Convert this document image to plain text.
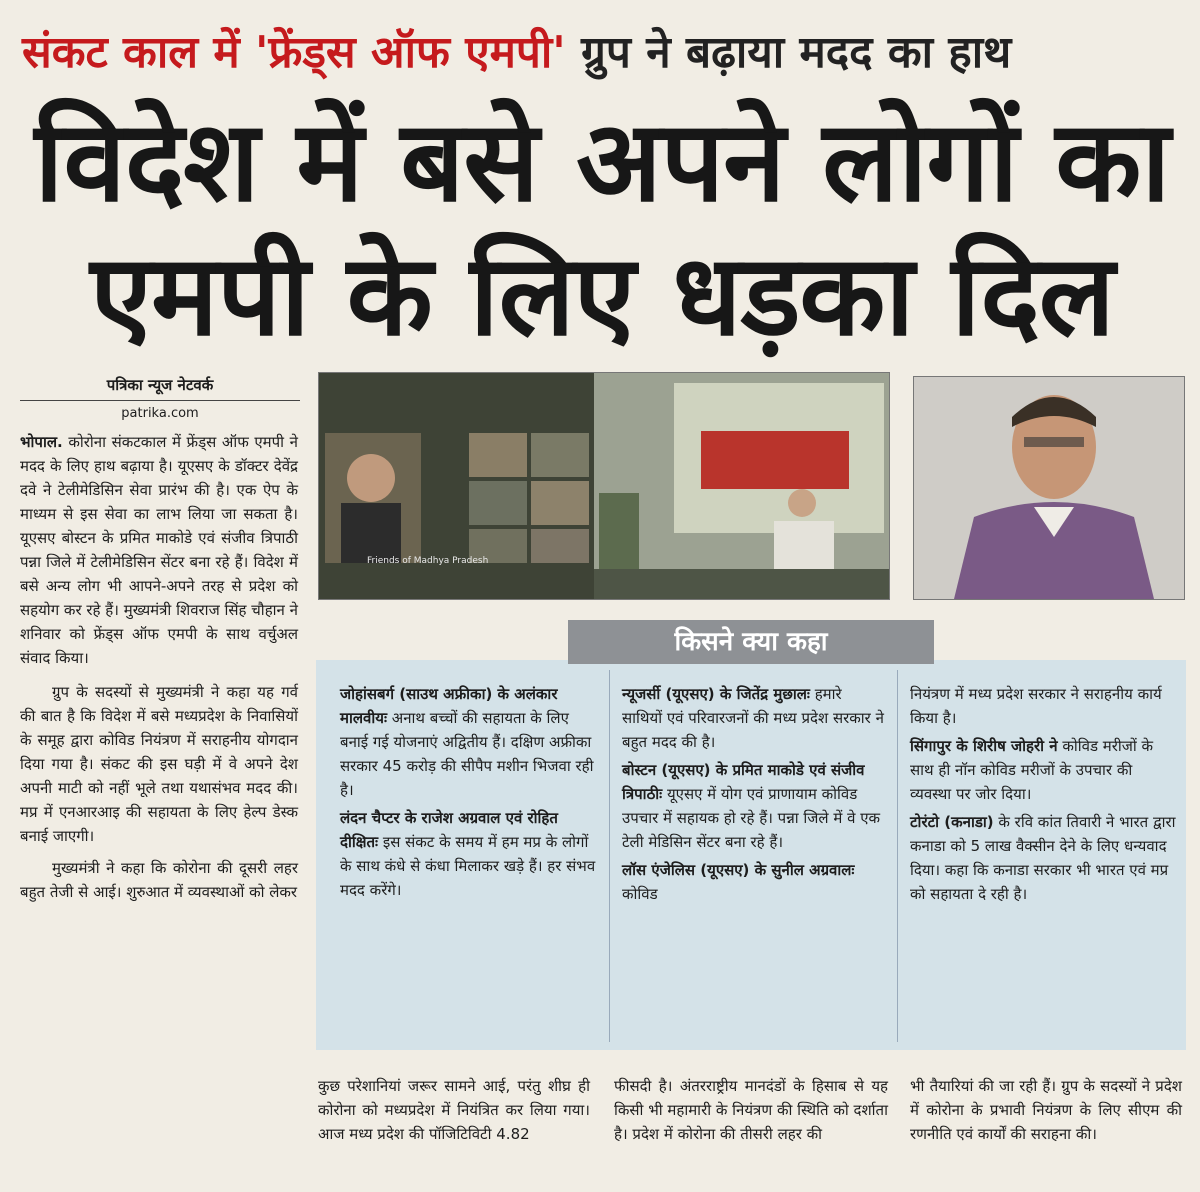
संकट काल में 'फ्रेंड्स ऑफ एमपी' ग्रुप ने बढ़ाया मदद का हाथ
विदेश में बसे अपने लोगों का
एमपी के लिए धड़का दिल
पत्रिका न्यूज नेटवर्क
patrika.com

भोपाल. कोरोना संकटकाल में फ्रेंड्स ऑफ एमपी ने मदद के लिए हाथ बढ़ाया है। यूएसए के डॉक्टर देवेंद्र दवे ने टेलीमेडिसिन सेवा प्रारंभ की है। एक ऐप के माध्यम से इस सेवा का लाभ लिया जा सकता है। यूएसए बोस्टन के प्रमित माकोडे एवं संजीव त्रिपाठी पन्ना जिले में टेलीमेडिसिन सेंटर बना रहे हैं। विदेश में बसे अन्य लोग भी आपने-अपने तरह से प्रदेश को सहयोग कर रहे हैं। मुख्यमंत्री शिवराज सिंह चौहान ने शनिवार को फ्रेंड्स ऑफ एमपी के साथ वर्चुअल संवाद किया।

ग्रुप के सदस्यों से मुख्यमंत्री ने कहा यह गर्व की बात है कि विदेश में बसे मध्यप्रदेश के निवासियों के समूह द्वारा कोविड नियंत्रण में सराहनीय योगदान दिया गया है। संकट की इस घड़ी में वे अपने देश अपनी माटी को नहीं भूले तथा यथासंभव मदद की। मप्र में एनआरआइ की सहायता के लिए हेल्प डेस्क बनाई जाएगी।

मुख्यमंत्री ने कहा कि कोरोना की दूसरी लहर बहुत तेजी से आई। शुरुआत में व्यवस्थाओं को लेकर

Friends of Madhya Pradesh
किसने क्या कहा

जोहांसबर्ग (साउथ अफ्रीका) के अलंकार मालवीयः अनाथ बच्चों की सहायता के लिए बनाई गई योजनाएं अद्वितीय हैं। दक्षिण अफ्रीका सरकार 45 करोड़ की सीपैप मशीन भिजवा रही है।

लंदन चैप्टर के राजेश अग्रवाल एवं रोहित दीक्षितः इस संकट के समय में हम मप्र के लोगों के साथ कंधे से कंधा मिलाकर खड़े हैं। हर संभव मदद करेंगे।

न्यूजर्सी (यूएसए) के जितेंद्र मुछालः हमारे साथियों एवं परिवारजनों की मध्य प्रदेश सरकार ने बहुत मदद की है।

बोस्टन (यूएसए) के प्रमित माकोडे एवं संजीव त्रिपाठीः यूएसए में योग एवं प्राणायाम कोविड उपचार में सहायक हो रहे हैं। पन्ना जिले में वे एक टेली मेडिसिन सेंटर बना रहे हैं।

लॉस एंजेलिस (यूएसए) के सुनील अग्रवालः कोविड

नियंत्रण में मध्य प्रदेश सरकार ने सराहनीय कार्य किया है।

सिंगापुर के शिरीष जोहरी ने कोविड मरीजों के साथ ही नॉन कोविड मरीजों के उपचार की व्यवस्था पर जोर दिया।

टोरंटो (कनाडा) के रवि कांत तिवारी ने भारत द्वारा कनाडा को 5 लाख वैक्सीन देने के लिए धन्यवाद दिया। कहा कि कनाडा सरकार भी भारत एवं मप्र को सहायता दे रही है।

कुछ परेशानियां जरूर सामने आई, परंतु शीघ्र ही कोरोना को मध्यप्रदेश में नियंत्रित कर लिया गया। आज मध्य प्रदेश की पॉजिटिविटी 4.82
फीसदी है। अंतरराष्ट्रीय मानदंडों के हिसाब से यह किसी भी महामारी के नियंत्रण की स्थिति को दर्शाता है। प्रदेश में कोरोना की तीसरी लहर की
भी तैयारियां की जा रही हैं। ग्रुप के सदस्यों ने प्रदेश में कोरोना के प्रभावी नियंत्रण के लिए सीएम की रणनीति एवं कार्यों की सराहना की।
